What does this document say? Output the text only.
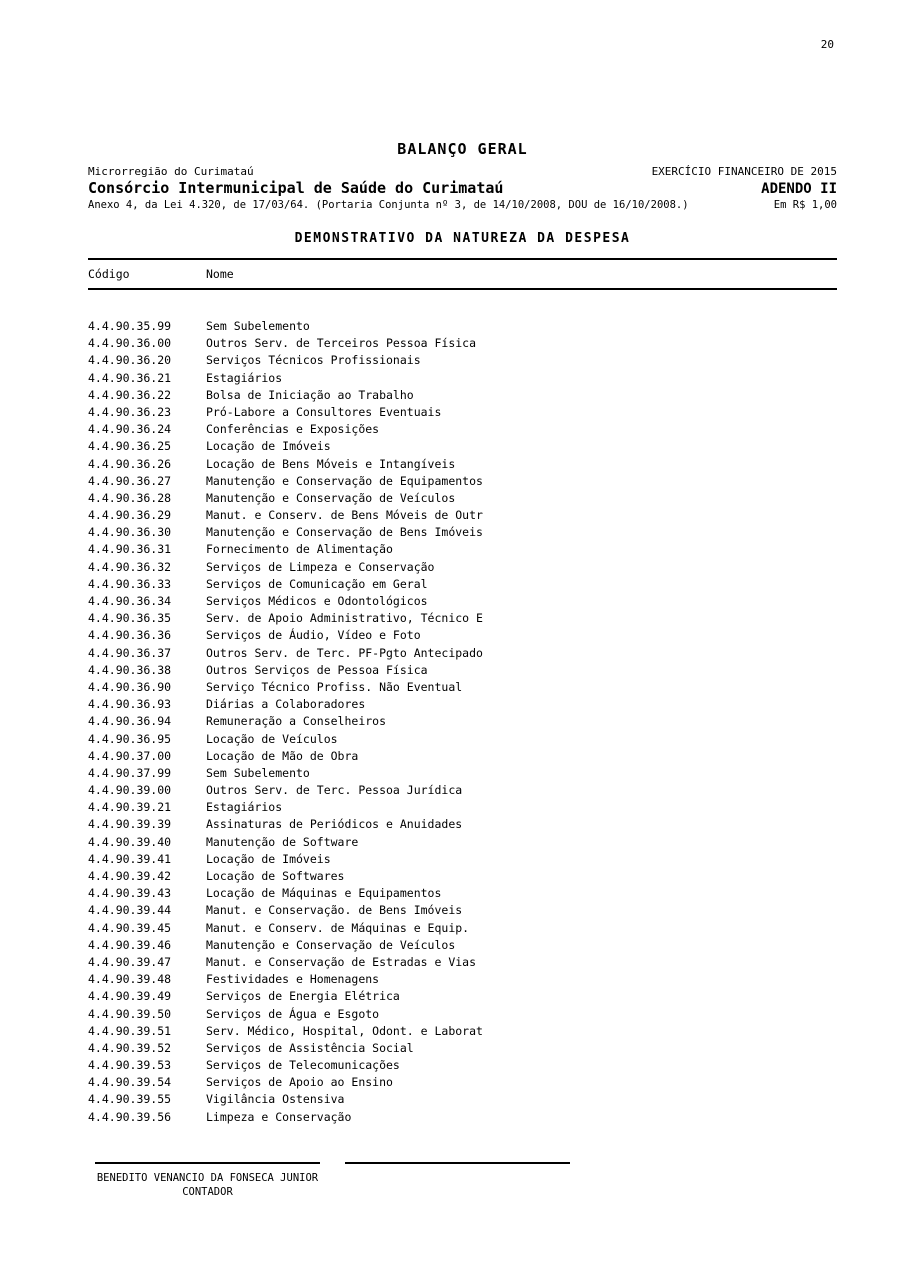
20
BALANÇO GERAL
Microrregião do Curimataú	EXERCÍCIO FINANCEIRO DE 2015
Consórcio Intermunicipal de Saúde do Curimataú	ADENDO II
Anexo 4, da Lei 4.320, de 17/03/64. (Portaria Conjunta nº 3, de 14/10/2008, DOU de 16/10/2008.)	Em R$ 1,00
DEMONSTRATIVO DA NATUREZA DA DESPESA
Código	Nome
4.4.90.35.99	Sem Subelemento
4.4.90.36.00	Outros Serv. de Terceiros Pessoa Física
4.4.90.36.20	Serviços Técnicos Profissionais
4.4.90.36.21	Estagiários
4.4.90.36.22	Bolsa de Iniciação ao Trabalho
4.4.90.36.23	Pró-Labore a Consultores Eventuais
4.4.90.36.24	Conferências e Exposições
4.4.90.36.25	Locação de Imóveis
4.4.90.36.26	Locação de Bens Móveis e Intangíveis
4.4.90.36.27	Manutenção e Conservação de Equipamentos
4.4.90.36.28	Manutenção e Conservação de Veículos
4.4.90.36.29	Manut. e Conserv. de Bens Móveis de Outr
4.4.90.36.30	Manutenção e Conservação de Bens Imóveis
4.4.90.36.31	Fornecimento de Alimentação
4.4.90.36.32	Serviços de Limpeza e Conservação
4.4.90.36.33	Serviços de Comunicação em Geral
4.4.90.36.34	Serviços Médicos e Odontológicos
4.4.90.36.35	Serv. de Apoio Administrativo, Técnico E
4.4.90.36.36	Serviços de Áudio, Vídeo e Foto
4.4.90.36.37	Outros Serv. de Terc. PF-Pgto Antecipado
4.4.90.36.38	Outros Serviços de Pessoa Física
4.4.90.36.90	Serviço Técnico Profiss. Não Eventual
4.4.90.36.93	Diárias a Colaboradores
4.4.90.36.94	Remuneração a Conselheiros
4.4.90.36.95	Locação de Veículos
4.4.90.37.00	Locação de Mão de Obra
4.4.90.37.99	Sem Subelemento
4.4.90.39.00	Outros Serv. de Terc. Pessoa Jurídica
4.4.90.39.21	Estagiários
4.4.90.39.39	Assinaturas de Periódicos e Anuidades
4.4.90.39.40	Manutenção de Software
4.4.90.39.41	Locação de Imóveis
4.4.90.39.42	Locação de Softwares
4.4.90.39.43	Locação de Máquinas e Equipamentos
4.4.90.39.44	Manut. e Conservação. de Bens Imóveis
4.4.90.39.45	Manut. e Conserv. de Máquinas e Equip.
4.4.90.39.46	Manutenção e Conservação de Veículos
4.4.90.39.47	Manut. e Conservação de Estradas e Vias
4.4.90.39.48	Festividades e Homenagens
4.4.90.39.49	Serviços de Energia Elétrica
4.4.90.39.50	Serviços de Água e Esgoto
4.4.90.39.51	Serv. Médico, Hospital, Odont. e Laborat
4.4.90.39.52	Serviços de Assistência Social
4.4.90.39.53	Serviços de Telecomunicações
4.4.90.39.54	Serviços de Apoio ao Ensino
4.4.90.39.55	Vigilância Ostensiva
4.4.90.39.56	Limpeza e Conservação
BENEDITO VENANCIO DA FONSECA JUNIOR
CONTADOR
